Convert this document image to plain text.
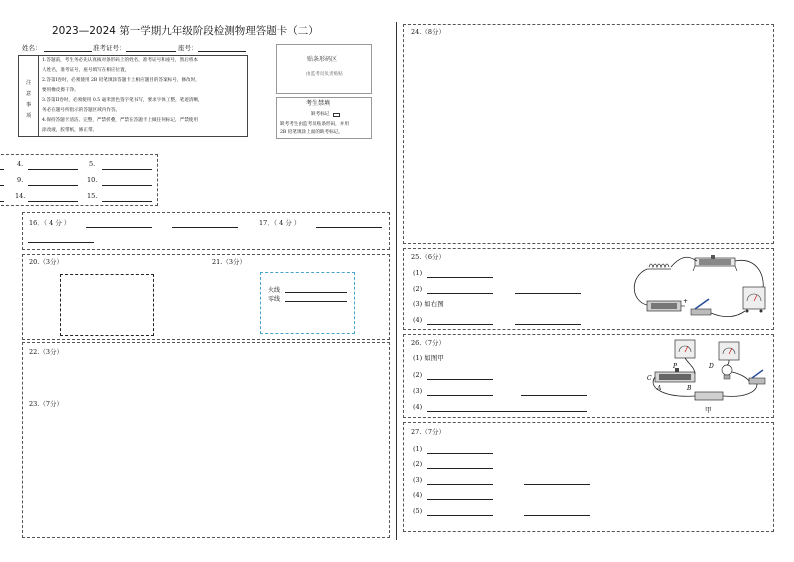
2023—2024 第一学期九年级阶段检测物理答题卡（二）
姓名：	准考证号：	座号：
注
意
事
项
1.答题前，考生务必先认真核对条形码上的姓名，准考证号和座号，然后将本
人姓名，准考证号，座号填写在相应位置，
2.答第I卷时，必须使用 2B 铅笔填涂答题卡上相应题目的答案标号，修改时，
要用橡皮擦干净。
3.答第II卷时，必须使用 0.5 毫米黑色签字笔书写，要求字体工整，笔迹清晰，
务必在题号所指示的答题区域内作答。
4.保持答题卡清洁、完整，严禁折叠，严禁在答题卡上做任何标记，严禁使用
涂改液，胶带纸，修正带。
贴条形码区
由监考员负责贴贴
考生禁填
缺考标记
缺考考生由监考员贴条形码，并用
2B 铅笔填涂上面的缺考标记。
4.	5.
9.	10.
14.	15.
16．（ 4 分 ）	17．（ 4 分 ）
20.（3分）	21.（3分）
火线
零线
22.（3分）
23.（7分）
24.（8分）
25.（6分）
(1)
(2)
(3) 如右图
(4)
+
26.（7分）
(1) 如图甲
(2)
(3)
(4)
C
A	B
P	D
甲
27.（7分）
(1)
(2)
(3)
(4)
(5)
